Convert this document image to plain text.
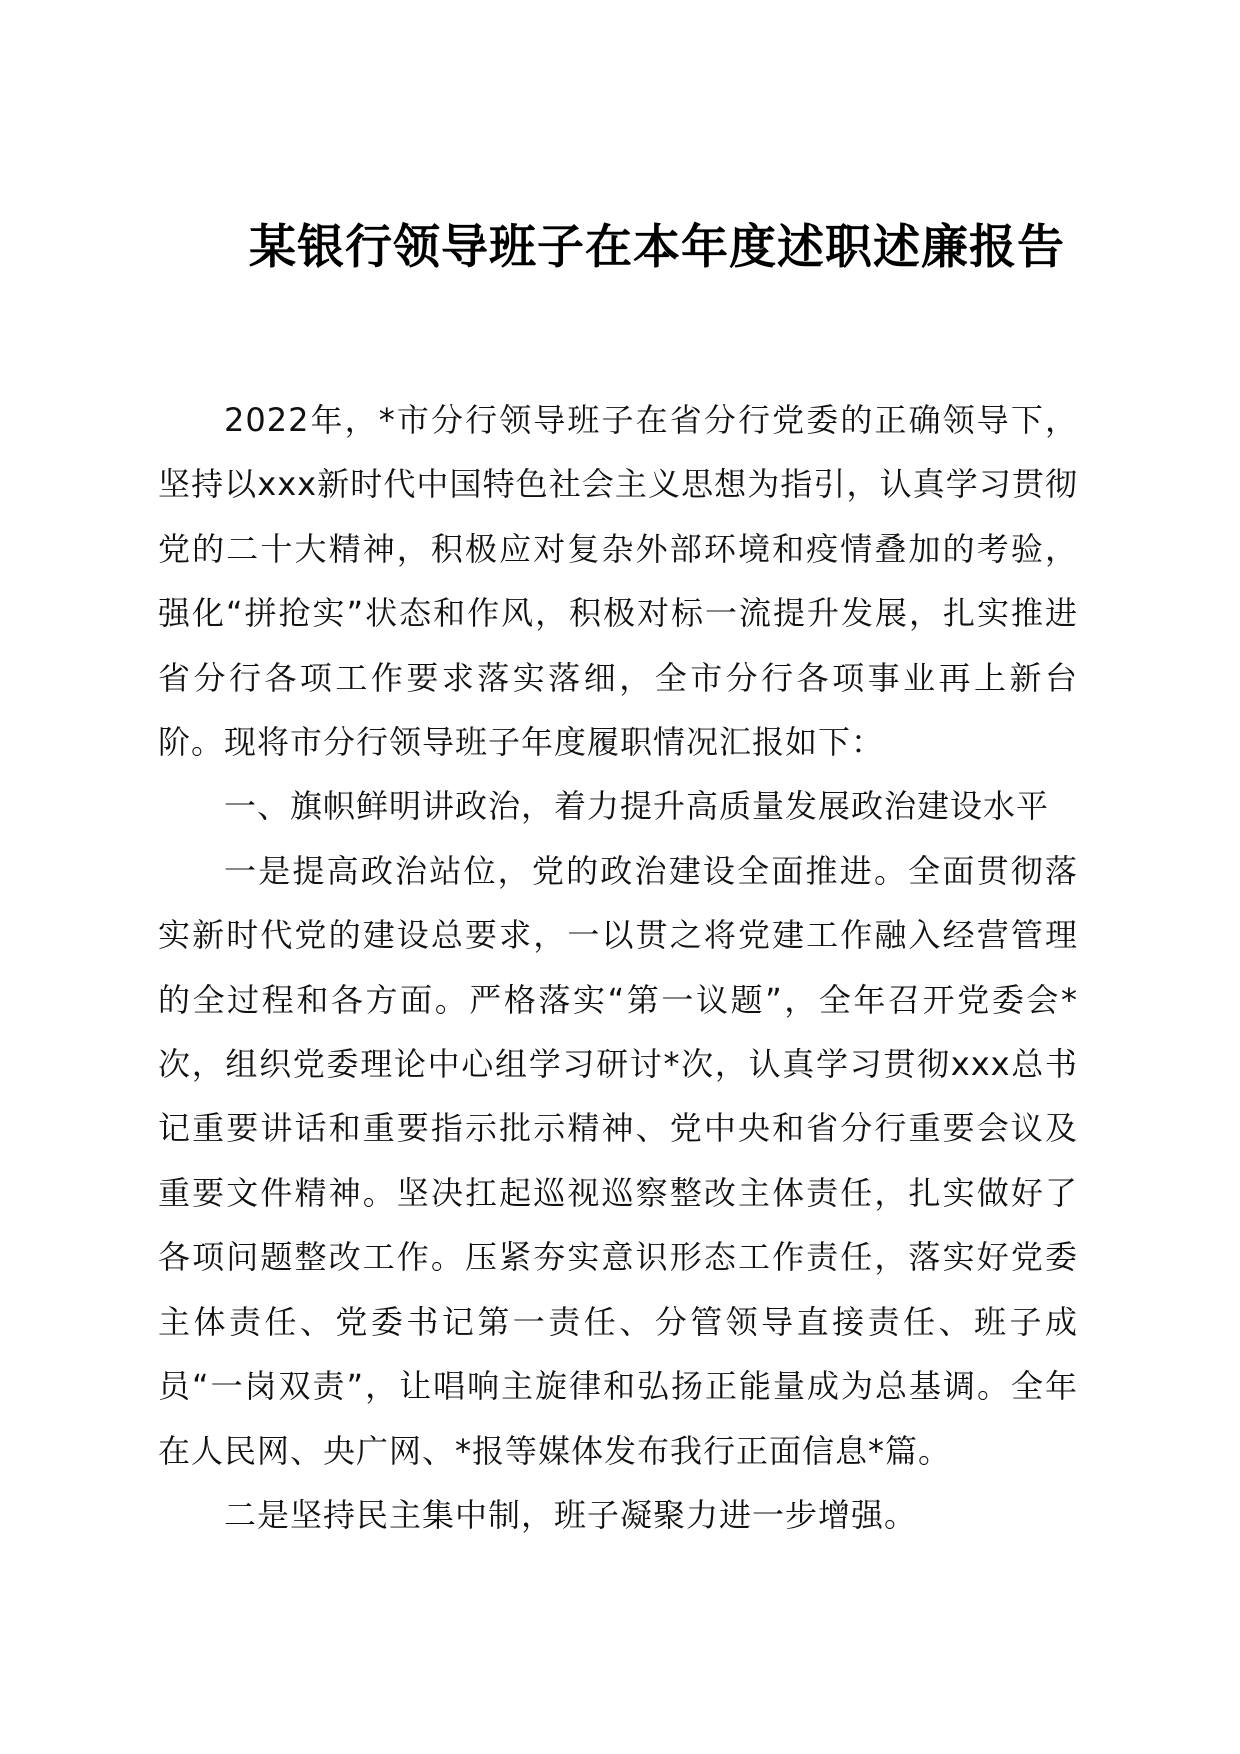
某银行领导班子在本年度述职述廉报告

2022年，*市分行领导班子在省分行党委的正确领导下，坚持以xxx新时代中国特色社会主义思想为指引，认真学习贯彻党的二十大精神，积极应对复杂外部环境和疫情叠加的考验，强化“拼抢实”状态和作风，积极对标一流提升发展，扎实推进省分行各项工作要求落实落细，全市分行各项事业再上新台阶。现将市分行领导班子年度履职情况汇报如下：

一、旗帜鲜明讲政治，着力提升高质量发展政治建设水平

一是提高政治站位，党的政治建设全面推进。全面贯彻落实新时代党的建设总要求，一以贯之将党建工作融入经营管理的全过程和各方面。严格落实“第一议题”，全年召开党委会*次，组织党委理论中心组学习研讨*次，认真学习贯彻xxx总书记重要讲话和重要指示批示精神、党中央和省分行重要会议及重要文件精神。坚决扛起巡视巡察整改主体责任，扎实做好了各项问题整改工作。压紧夯实意识形态工作责任，落实好党委主体责任、党委书记第一责任、分管领导直接责任、班子成员“一岗双责”，让唱响主旋律和弘扬正能量成为总基调。全年在人民网、央广网、*报等媒体发布我行正面信息*篇。

二是坚持民主集中制，班子凝聚力进一步增强。
